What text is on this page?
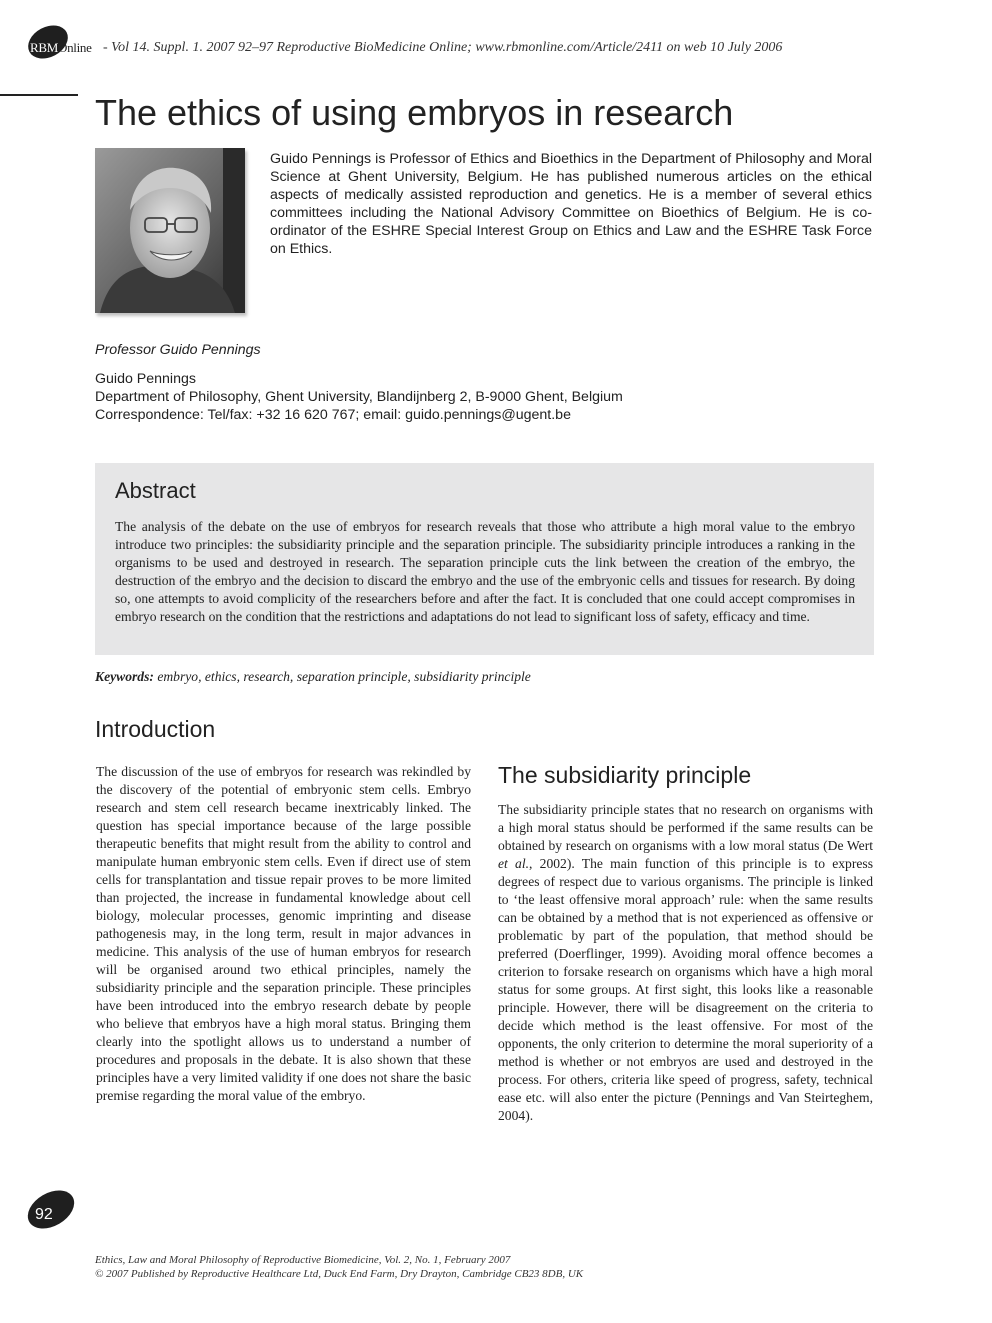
RBMOnline - Vol 14. Suppl. 1. 2007 92–97 Reproductive BioMedicine Online; www.rbmonline.com/Article/2411 on web 10 July 2006
The ethics of using embryos in research
Guido Pennings is Professor of Ethics and Bioethics in the Department of Philosophy and Moral Science at Ghent University, Belgium. He has published numerous articles on the ethical aspects of medically assisted reproduction and genetics. He is a member of several ethics committees including the National Advisory Committee on Bioethics of Belgium. He is co-ordinator of the ESHRE Special Interest Group on Ethics and Law and the ESHRE Task Force on Ethics.
Professor Guido Pennings
Guido Pennings
Department of Philosophy, Ghent University, Blandijnberg 2, B-9000 Ghent, Belgium
Correspondence: Tel/fax: +32 16 620 767; email: guido.pennings@ugent.be
Abstract
The analysis of the debate on the use of embryos for research reveals that those who attribute a high moral value to the embryo introduce two principles: the subsidiarity principle and the separation principle. The subsidiarity principle introduces a ranking in the organisms to be used and destroyed in research. The separation principle cuts the link between the creation of the embryo, the destruction of the embryo and the decision to discard the embryo and the use of the embryonic cells and tissues for research. By doing so, one attempts to avoid complicity of the researchers before and after the fact. It is concluded that one could accept compromises in embryo research on the condition that the restrictions and adaptations do not lead to significant loss of safety, efficacy and time.
Keywords: embryo, ethics, research, separation principle, subsidiarity principle
Introduction
The discussion of the use of embryos for research was rekindled by the discovery of the potential of embryonic stem cells. Embryo research and stem cell research became inextricably linked. The question has special importance because of the large possible therapeutic benefits that might result from the ability to control and manipulate human embryonic stem cells. Even if direct use of stem cells for transplantation and tissue repair proves to be more limited than projected, the increase in fundamental knowledge about cell biology, molecular processes, genomic imprinting and disease pathogenesis may, in the long term, result in major advances in medicine. This analysis of the use of human embryos for research will be organised around two ethical principles, namely the subsidiarity principle and the separation principle. These principles have been introduced into the embryo research debate by people who believe that embryos have a high moral status. Bringing them clearly into the spotlight allows us to understand a number of procedures and proposals in the debate. It is also shown that these principles have a very limited validity if one does not share the basic premise regarding the moral value of the embryo.
The subsidiarity principle
The subsidiarity principle states that no research on organisms with a high moral status should be performed if the same results can be obtained by research on organisms with a low moral status (De Wert et al., 2002). The main function of this principle is to express degrees of respect due to various organisms. The principle is linked to ‘the least offensive moral approach’ rule: when the same results can be obtained by a method that is not experienced as offensive or problematic by part of the population, that method should be preferred (Doerflinger, 1999). Avoiding moral offence becomes a criterion to forsake research on organisms which have a high moral status for some groups. At first sight, this looks like a reasonable principle. However, there will be disagreement on the criteria to decide which method is the least offensive. For most of the opponents, the only criterion to determine the moral superiority of a method is whether or not embryos are used and destroyed in the process. For others, criteria like speed of progress, safety, technical ease etc. will also enter the picture (Pennings and Van Steirteghem, 2004).
92
Ethics, Law and Moral Philosophy of Reproductive Biomedicine, Vol. 2, No. 1, February 2007
© 2007 Published by Reproductive Healthcare Ltd, Duck End Farm, Dry Drayton, Cambridge CB23 8DB, UK
